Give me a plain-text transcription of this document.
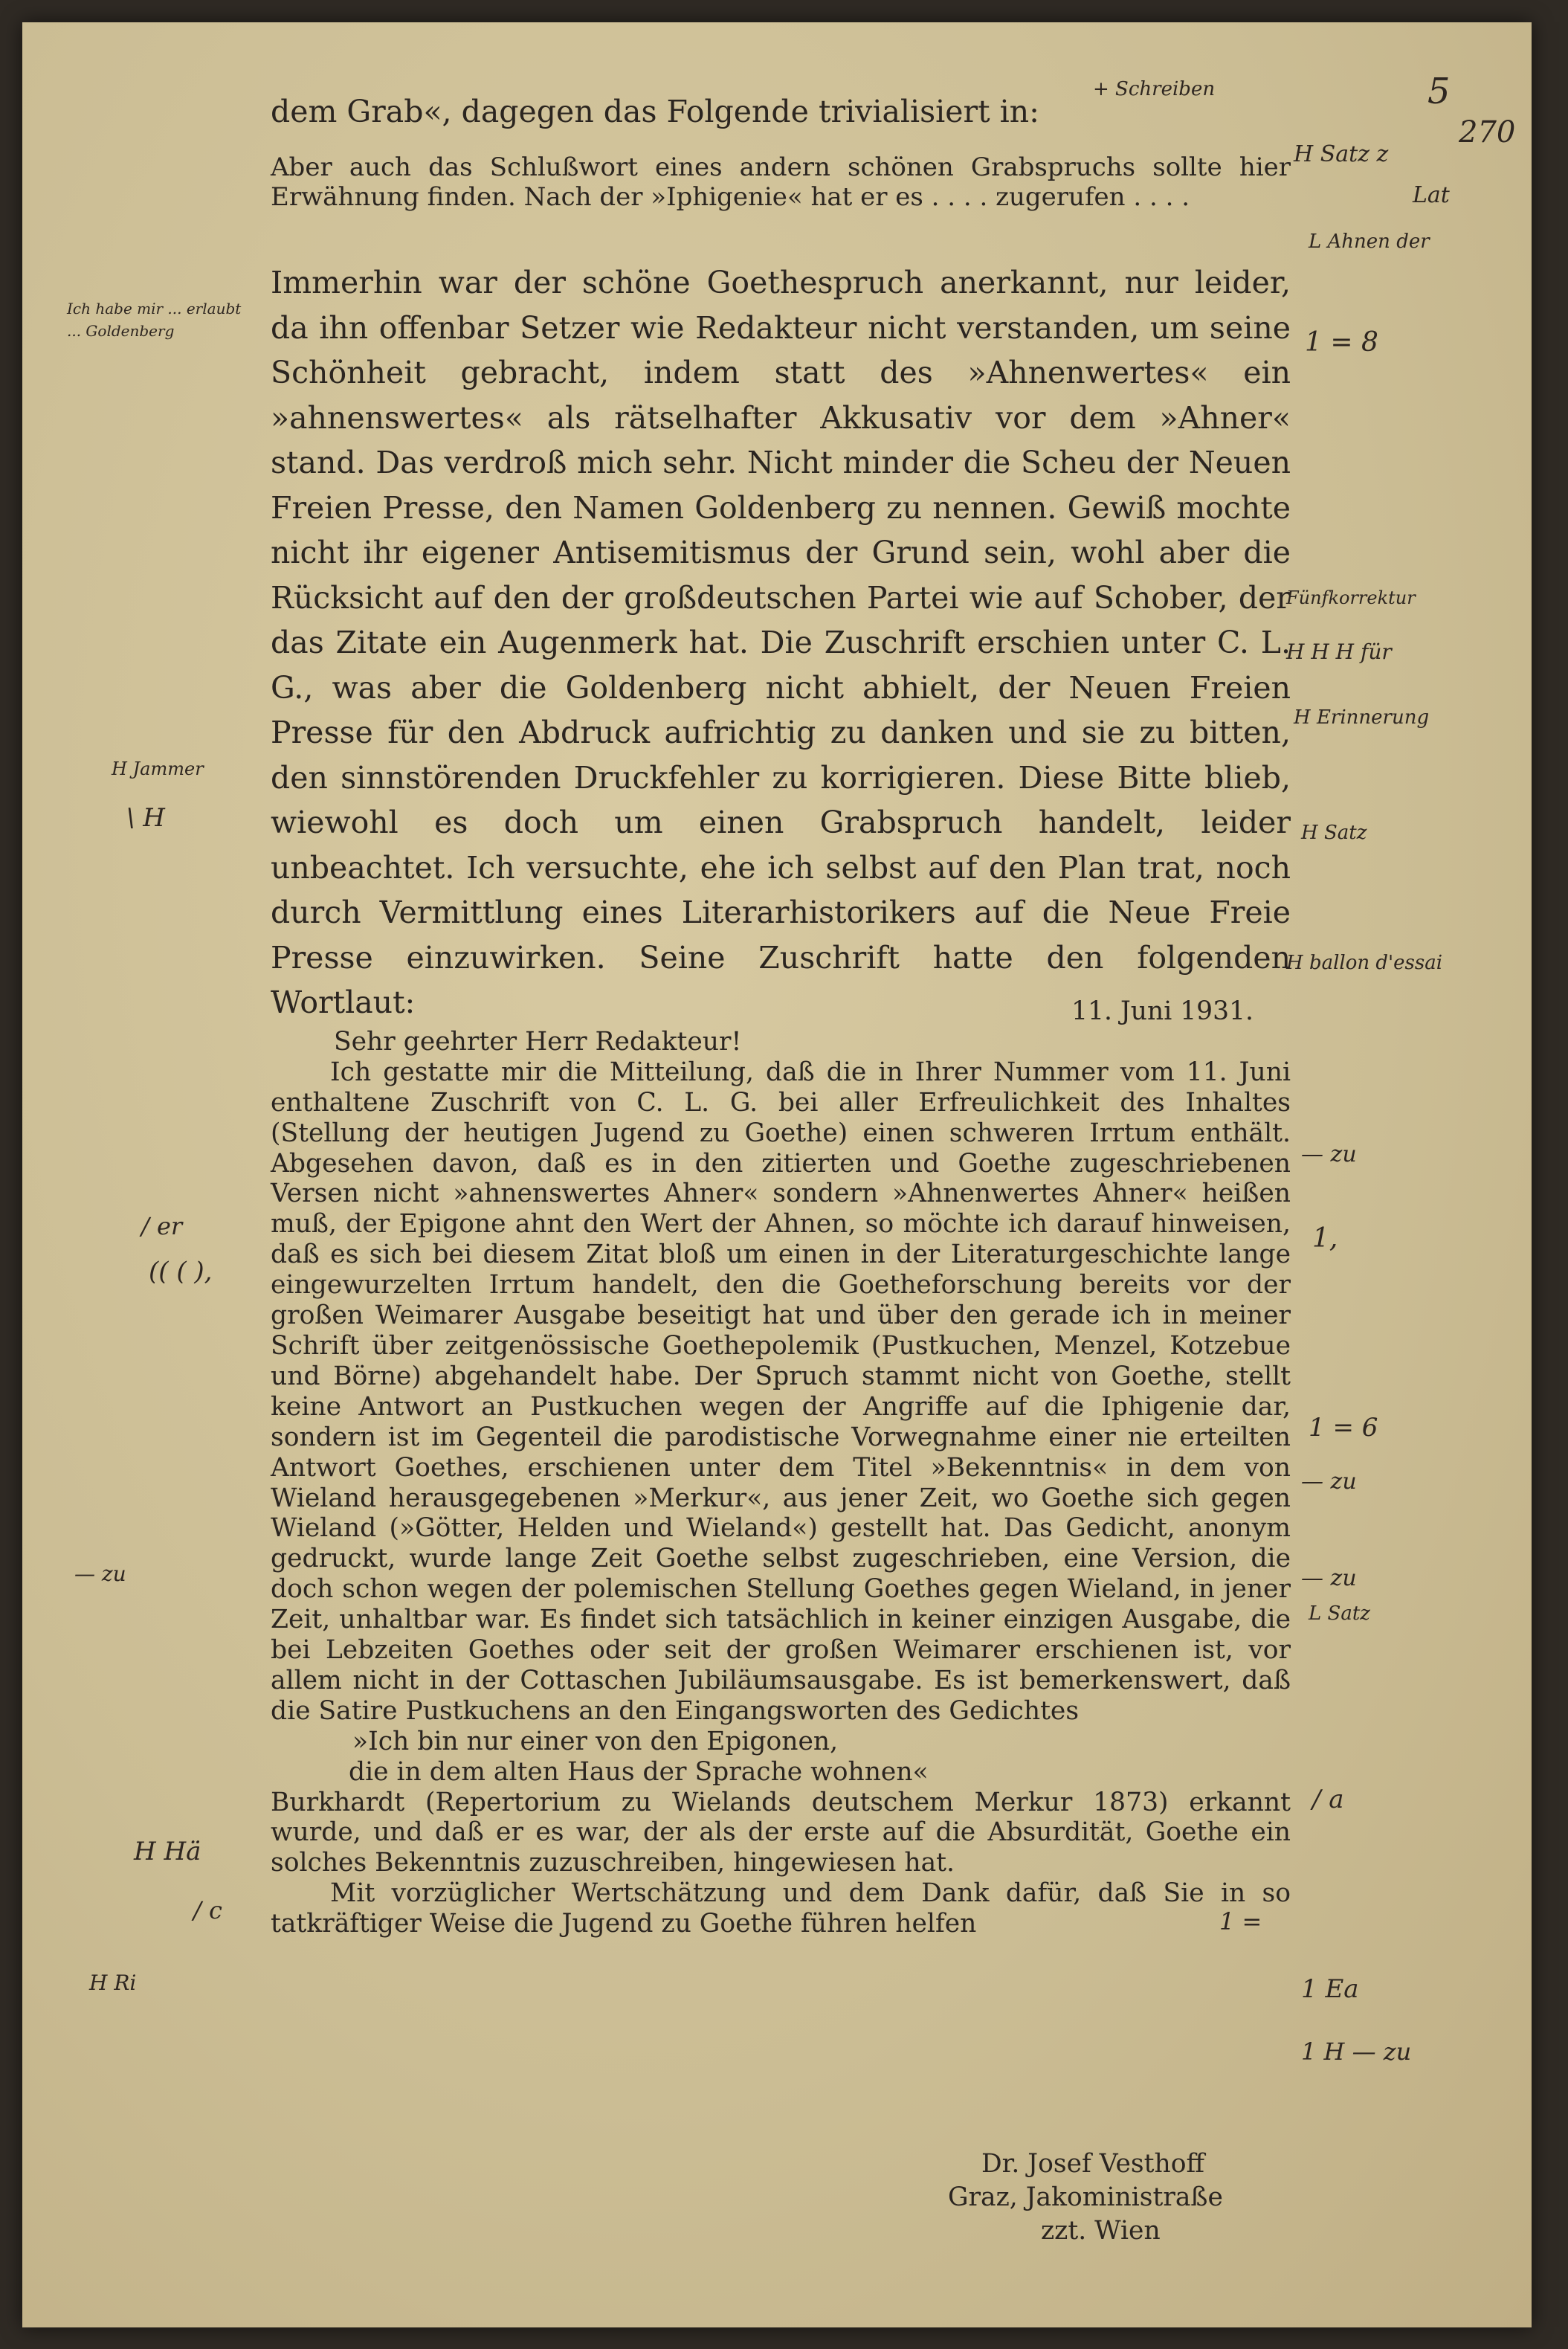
5
270
+ Schreiben
dem Grab«, dagegen das Folgende trivialisiert in:
Aber auch das Schlußwort eines andern schönen Grabspruchs sollte hier Erwähnung finden. Nach der »Iphigenie« hat er es . . . . zugerufen . . . .
Immerhin war der schöne Goethespruch anerkannt, nur leider, da ihn offenbar Setzer wie Redakteur nicht verstanden, um seine Schönheit gebracht, indem statt des »Ahnenwertes« ein »ahnenswertes« als rätselhafter Akkusativ vor dem »Ahner« stand. Das verdroß mich sehr. Nicht minder die Scheu der Neuen Freien Presse, den Namen Goldenberg zu nennen. Gewiß mochte nicht ihr eigener Antisemitismus der Grund sein, wohl aber die Rücksicht auf den der großdeutschen Partei wie auf Schober, der das Zitate ein Augenmerk hat. Die Zuschrift erschien unter C. L. G., was aber die Goldenberg nicht abhielt, der Neuen Freien Presse für den Abdruck aufrichtig zu danken und sie zu bitten, den sinnstörenden Druckfehler zu korrigieren. Diese Bitte blieb, wiewohl es doch um einen Grabspruch handelt, leider unbeachtet. Ich versuchte, ehe ich selbst auf den Plan trat, noch durch Vermittlung eines Literarhistorikers auf die Neue Freie Presse einzuwirken. Seine Zuschrift hatte den folgenden Wortlaut:	11. Juni 1931.

Sehr geehrter Herr Redakteur!

Ich gestatte mir die Mitteilung, daß die in Ihrer Nummer vom 11. Juni enthaltene Zuschrift von C. L. G. bei aller Erfreulichkeit des Inhaltes (Stellung der heutigen Jugend zu Goethe) einen schweren Irrtum enthält. Abgesehen davon, daß es in den zitierten und Goethe zugeschriebenen Versen nicht »ahnenswertes Ahner« sondern »Ahnenwertes Ahner« heißen muß, der Epigone ahnt den Wert der Ahnen, so möchte ich darauf hinweisen, daß es sich bei diesem Zitat bloß um einen in der Literaturgeschichte lange eingewurzelten Irrtum handelt, den die Goetheforschung bereits vor der großen Weimarer Ausgabe beseitigt hat und über den gerade ich in meiner Schrift über zeitgenössische Goethepolemik (Pustkuchen, Menzel, Kotzebue und Börne) abgehandelt habe. Der Spruch stammt nicht von Goethe, stellt keine Antwort an Pustkuchen wegen der Angriffe auf die Iphigenie dar, sondern ist im Gegenteil die parodistische Vorwegnahme einer nie erteilten Antwort Goethes, erschienen unter dem Titel »Bekenntnis« in dem von Wieland herausgegebenen »Merkur«, aus jener Zeit, wo Goethe sich gegen Wieland (»Götter, Helden und Wieland«) gestellt hat. Das Gedicht, anonym gedruckt, wurde lange Zeit Goethe selbst zugeschrieben, eine Version, die doch schon wegen der polemischen Stellung Goethes gegen Wieland, in jener Zeit, unhaltbar war. Es findet sich tatsächlich in keiner einzigen Ausgabe, die bei Lebzeiten Goethes oder seit der großen Weimarer erschienen ist, vor allem nicht in der Cottaschen Jubiläumsausgabe. Es ist bemerkenswert, daß die Satire Pustkuchens an den Eingangsworten des Gedichtes

»Ich bin nur einer von den Epigonen,

die in dem alten Haus der Sprache wohnen«

Burkhardt (Repertorium zu Wielands deutschem Merkur 1873) erkannt wurde, und daß er es war, der als der erste auf die Absurdität, Goethe ein solches Bekenntnis zuzuschreiben, hingewiesen hat.

Mit vorzüglicher Wertschätzung und dem Dank dafür, daß Sie in so tatkräftiger Weise die Jugend zu Goethe führen helfen

Dr. Josef Vesthoff
Graz, Jakoministraße
zzt. Wien
H Satz z
Lat
L Ahnen der
1 = 8
Fünfkorrektur
H H H für
H Erinnerung
H Satz
H ballon d'essai
— zu
1,
1 = 6
— zu
— zu
L Satz
/ a
1 =
1 Ea
1 H — zu
Ich habe mir ... erlaubt ... Goldenberg
H Jammer
\ H
/ er
(( ( ),
— zu
H Hä
/ c
H Ri
